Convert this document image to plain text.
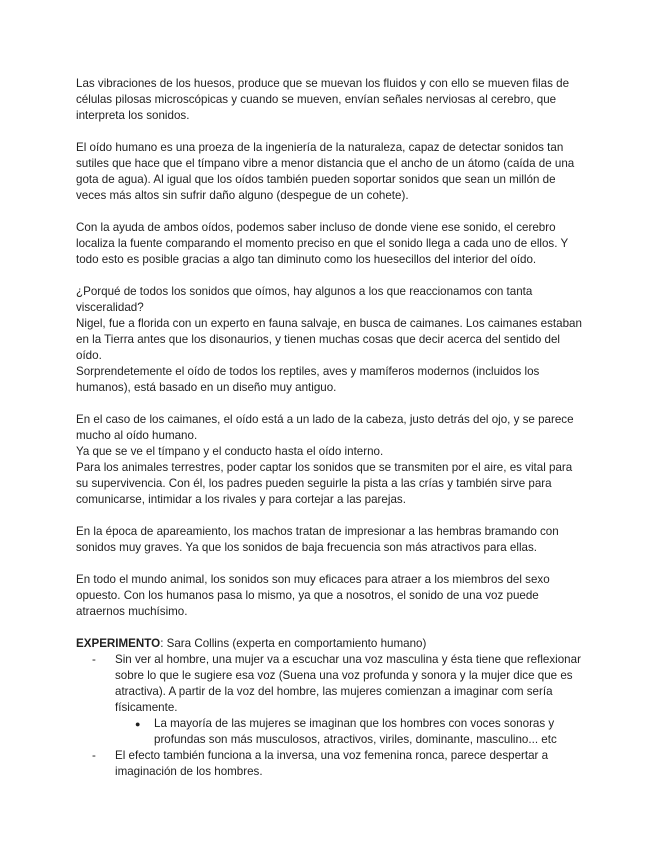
Las vibraciones de los huesos, produce que se muevan los fluidos y con ello se mueven filas de células pilosas microscópicas y cuando se mueven, envían señales nerviosas al cerebro, que interpreta los sonidos.

El oído humano es una proeza de la ingeniería de la naturaleza, capaz de detectar sonidos tan sutiles que hace que el tímpano vibre a menor distancia que el ancho de un átomo (caída de una gota de agua). Al igual que los oídos también pueden soportar sonidos que sean un millón de veces más altos sin sufrir daño alguno (despegue de un cohete).

Con la ayuda de ambos oídos, podemos saber incluso de donde viene ese sonido, el cerebro localiza la fuente comparando el momento preciso en que el sonido llega a cada uno de ellos. Y todo esto es posible gracias a algo tan diminuto como los huesecillos del interior del oído.

¿Porqué de todos los sonidos que oímos, hay algunos a los que reaccionamos con tanta visceralidad?

Nigel, fue a florida con un experto en fauna salvaje, en busca de caimanes. Los caimanes estaban en la Tierra antes que los disonaurios, y tienen muchas cosas que decir acerca del sentido del oído.

Sorprendetemente el oído de todos los reptiles, aves y mamíferos modernos (incluidos los humanos), está basado en un diseño muy antiguo.

En el caso de los caimanes, el oído está a un lado de la cabeza, justo detrás del ojo, y se parece mucho al oído humano.

Ya que se ve el tímpano y el conducto hasta el oído interno.

Para los animales terrestres, poder captar los sonidos que se transmiten por el aire, es vital para su supervivencia. Con él, los padres pueden seguirle la pista a las crías y también sirve para comunicarse, intimidar a los rivales y para cortejar a las parejas.

En la época de apareamiento, los machos tratan de impresionar a las hembras bramando con sonidos muy graves. Ya que los sonidos de baja frecuencia son más atractivos para ellas.

En todo el mundo animal, los sonidos son muy eficaces para atraer a los miembros del sexo opuesto. Con los humanos pasa lo mismo, ya que a nosotros, el sonido de una voz puede atraernos muchísimo.

EXPERIMENTO: Sara Collins (experta en comportamiento humano)

- Sin ver al hombre, una mujer va a escuchar una voz masculina y ésta tiene que reflexionar sobre lo que le sugiere esa voz (Suena una voz profunda y sonora y la mujer dice que es atractiva). A partir de la voz del hombre, las mujeres comienzan a imaginar com sería físicamente.
● La mayoría de las mujeres se imaginan que los hombres con voces sonoras y profundas son más musculosos, atractivos, viriles, dominante, masculino... etc
- El efecto también funciona a la inversa, una voz femenina ronca, parece despertar a imaginación de los hombres.
